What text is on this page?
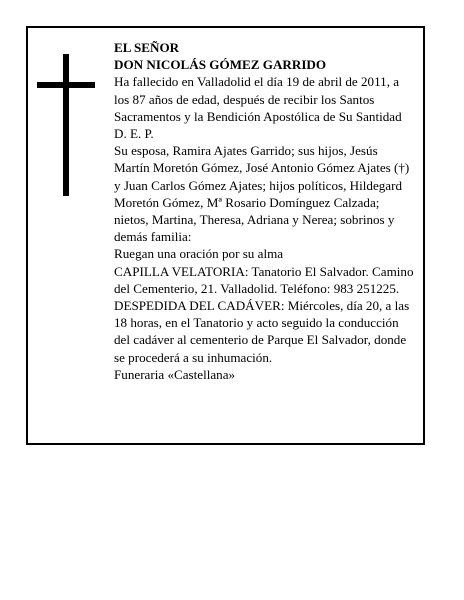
EL SEÑOR

DON NICOLÁS GÓMEZ GARRIDO

Ha fallecido en Valladolid el día 19 de abril de 2011, a los 87 años de edad, después de recibir los Santos Sacramentos y la Bendición Apostólica de Su Santidad D. E. P.

Su esposa, Ramira Ajates Garrido; sus hijos, Jesús Martín Moretón Gómez, José Antonio Gómez Ajates (†) y Juan Carlos Gómez Ajates; hijos políticos, Hildegard Moretón Gómez, Mª Rosario Domínguez Calzada; nietos, Martina, Theresa, Adriana y Nerea; sobrinos y demás familia:

Ruegan una oración por su alma

CAPILLA VELATORIA: Tanatorio El Salvador. Camino del Cementerio, 21. Valladolid. Teléfono: 983 251225.

DESPEDIDA DEL CADÁVER: Miércoles, día 20, a las 18 horas, en el Tanatorio y acto seguido la conducción del cadáver al cementerio de Parque El Salvador, donde se procederá a su inhumación.

Funeraria «Castellana»
